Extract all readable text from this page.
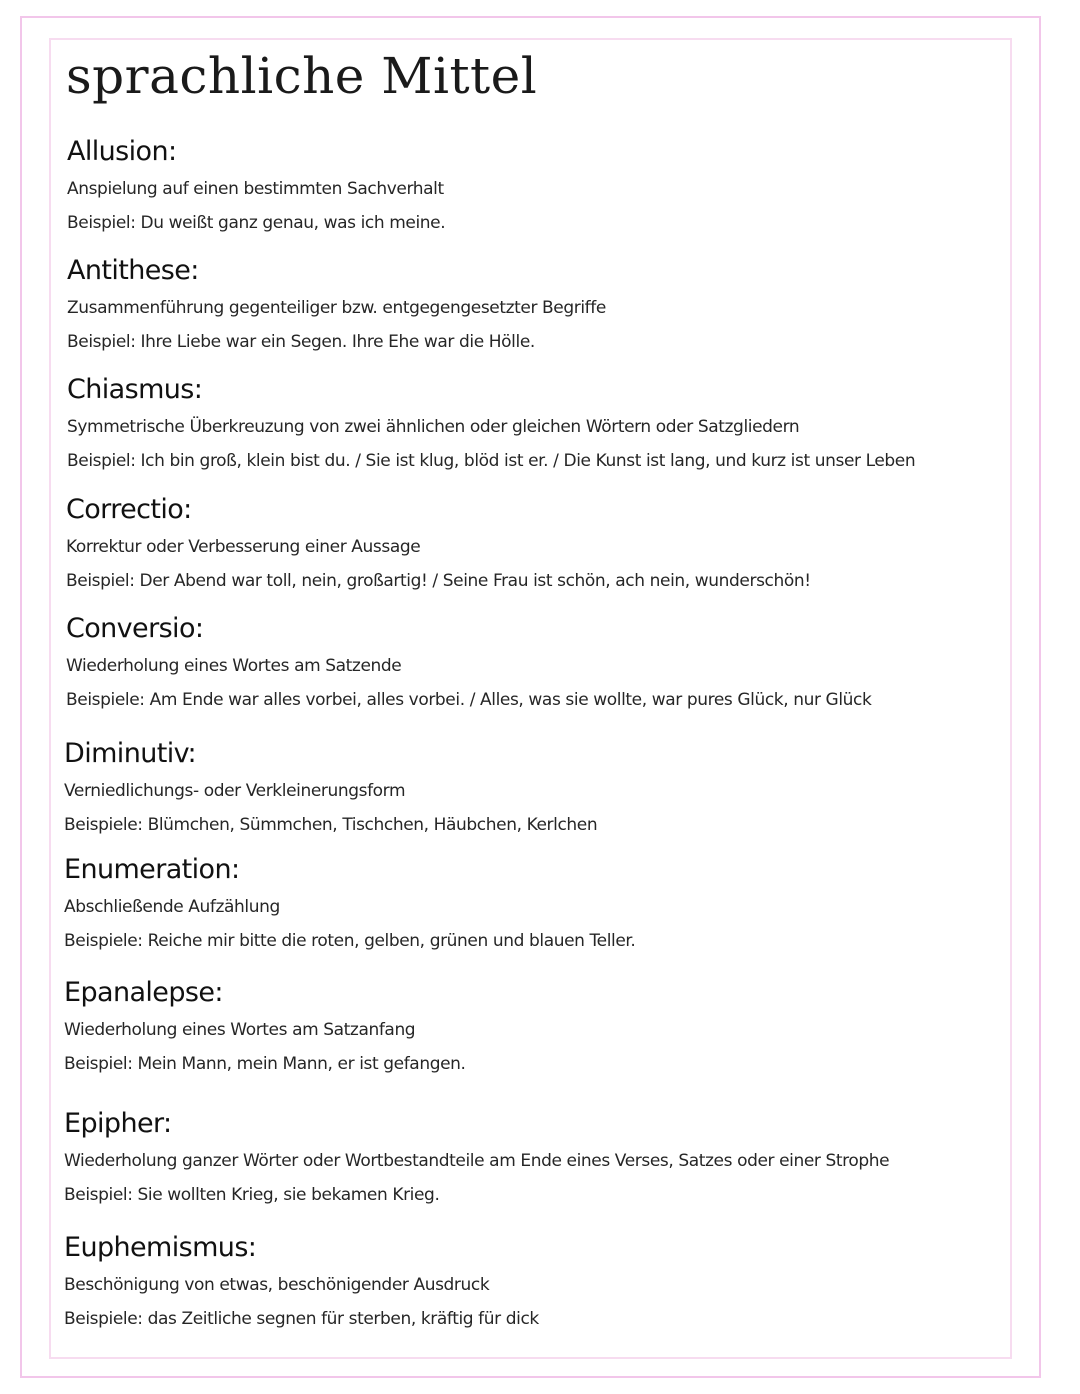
sprachliche Mittel

Allusion:

Anspielung auf einen bestimmten Sachverhalt

Beispiel: Du weißt ganz genau, was ich meine.

Antithese:

Zusammenführung gegenteiliger bzw. entgegengesetzter Begriffe

Beispiel: Ihre Liebe war ein Segen. Ihre Ehe war die Hölle.

Chiasmus:

Symmetrische Überkreuzung von zwei ähnlichen oder gleichen Wörtern oder Satzgliedern

Beispiel: Ich bin groß, klein bist du. / Sie ist klug, blöd ist er. / Die Kunst ist lang, und kurz ist unser Leben

Correctio:

Korrektur oder Verbesserung einer Aussage

Beispiel: Der Abend war toll, nein, großartig! / Seine Frau ist schön, ach nein, wunderschön!

Conversio:

Wiederholung eines Wortes am Satzende

Beispiele: Am Ende war alles vorbei, alles vorbei. / Alles, was sie wollte, war pures Glück, nur Glück

Diminutiv:

Verniedlichungs- oder Verkleinerungsform

Beispiele: Blümchen, Sümmchen, Tischchen, Häubchen, Kerlchen

Enumeration:

Abschließende Aufzählung

Beispiele: Reiche mir bitte die roten, gelben, grünen und blauen Teller.

Epanalepse:

Wiederholung eines Wortes am Satzanfang

Beispiel: Mein Mann, mein Mann, er ist gefangen.

Epipher:

Wiederholung ganzer Wörter oder Wortbestandteile am Ende eines Verses, Satzes oder einer Strophe

Beispiel: Sie wollten Krieg, sie bekamen Krieg.

Euphemismus:

Beschönigung von etwas, beschönigender Ausdruck

Beispiele: das Zeitliche segnen für sterben, kräftig für dick
